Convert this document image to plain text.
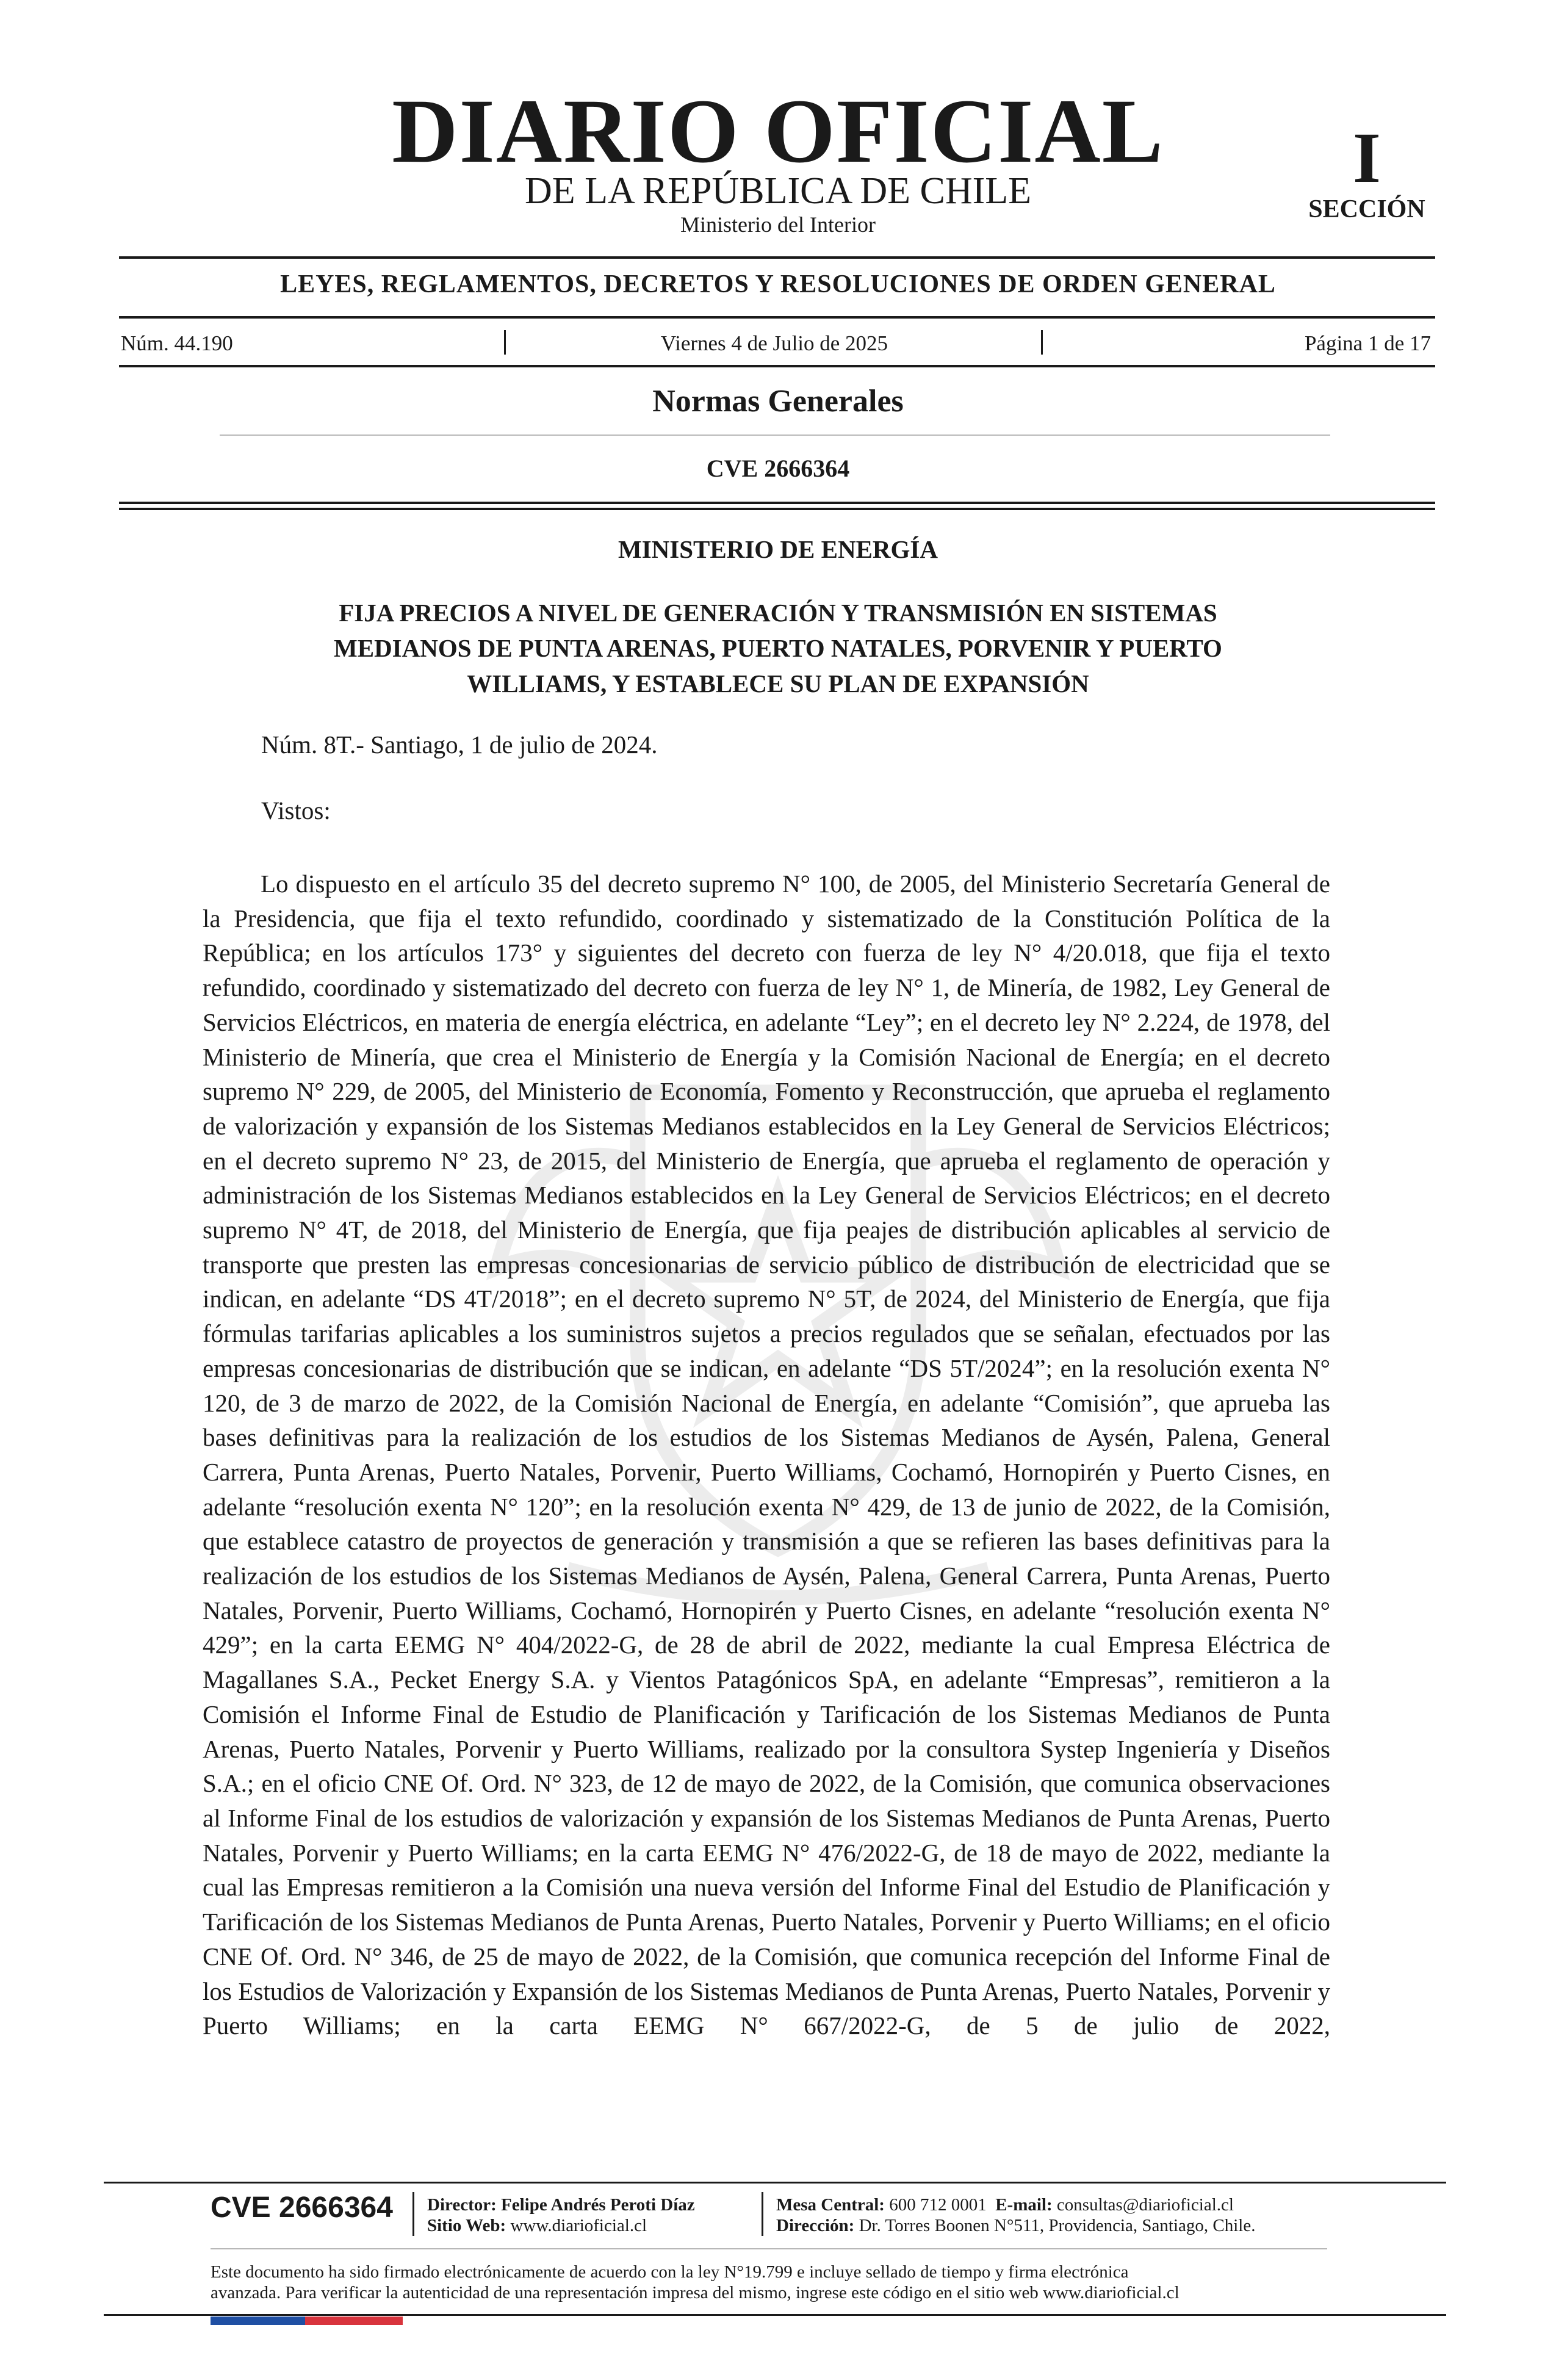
DIARIO OFICIAL
DE LA REPÚBLICA DE CHILE
Ministerio del Interior
I
SECCIÓN
LEYES, REGLAMENTOS, DECRETOS Y RESOLUCIONES DE ORDEN GENERAL
Núm. 44.190	Viernes 4 de Julio de 2025	Página 1 de 17
Normas Generales
CVE 2666364
MINISTERIO DE ENERGÍA
FIJA PRECIOS A NIVEL DE GENERACIÓN Y TRANSMISIÓN EN SISTEMAS
MEDIANOS DE PUNTA ARENAS, PUERTO NATALES, PORVENIR Y PUERTO
WILLIAMS, Y ESTABLECE SU PLAN DE EXPANSIÓN
Núm. 8T.- Santiago, 1 de julio de 2024.
Vistos:
Lo dispuesto en el artículo 35 del decreto supremo N° 100, de 2005, del Ministerio Secretaría General de la Presidencia, que fija el texto refundido, coordinado y sistematizado de la Constitución Política de la República; en los artículos 173° y siguientes del decreto con fuerza de ley N° 4/20.018, que fija el texto refundido, coordinado y sistematizado del decreto con fuerza de ley N° 1, de Minería, de 1982, Ley General de Servicios Eléctricos, en materia de energía eléctrica, en adelante “Ley”; en el decreto ley N° 2.224, de 1978, del Ministerio de Minería, que crea el Ministerio de Energía y la Comisión Nacional de Energía; en el decreto supremo N° 229, de 2005, del Ministerio de Economía, Fomento y Reconstrucción, que aprueba el reglamento de valorización y expansión de los Sistemas Medianos establecidos en la Ley General de Servicios Eléctricos; en el decreto supremo N° 23, de 2015, del Ministerio de Energía, que aprueba el reglamento de operación y administración de los Sistemas Medianos establecidos en la Ley General de Servicios Eléctricos; en el decreto supremo N° 4T, de 2018, del Ministerio de Energía, que fija peajes de distribución aplicables al servicio de transporte que presten las empresas concesionarias de servicio público de distribución de electricidad que se indican, en adelante “DS 4T/2018”; en el decreto supremo N° 5T, de 2024, del Ministerio de Energía, que fija fórmulas tarifarias aplicables a los suministros sujetos a precios regulados que se señalan, efectuados por las empresas concesionarias de distribución que se indican, en adelante “DS 5T/2024”; en la resolución exenta N° 120, de 3 de marzo de 2022, de la Comisión Nacional de Energía, en adelante “Comisión”, que aprueba las bases definitivas para la realización de los estudios de los Sistemas Medianos de Aysén, Palena, General Carrera, Punta Arenas, Puerto Natales, Porvenir, Puerto Williams, Cochamó, Hornopirén y Puerto Cisnes, en adelante “resolución exenta N° 120”; en la resolución exenta N° 429, de 13 de junio de 2022, de la Comisión, que establece catastro de proyectos de generación y transmisión a que se refieren las bases definitivas para la realización de los estudios de los Sistemas Medianos de Aysén, Palena, General Carrera, Punta Arenas, Puerto Natales, Porvenir, Puerto Williams, Cochamó, Hornopirén y Puerto Cisnes, en adelante “resolución exenta N° 429”; en la carta EEMG N° 404/2022-G, de 28 de abril de 2022, mediante la cual Empresa Eléctrica de Magallanes S.A., Pecket Energy S.A. y Vientos Patagónicos SpA, en adelante “Empresas”, remitieron a la Comisión el Informe Final de Estudio de Planificación y Tarificación de los Sistemas Medianos de Punta Arenas, Puerto Natales, Porvenir y Puerto Williams, realizado por la consultora Systep Ingeniería y Diseños S.A.; en el oficio CNE Of. Ord. N° 323, de 12 de mayo de 2022, de la Comisión, que comunica observaciones al Informe Final de los estudios de valorización y expansión de los Sistemas Medianos de Punta Arenas, Puerto Natales, Porvenir y Puerto Williams; en la carta EEMG N° 476/2022-G, de 18 de mayo de 2022, mediante la cual las Empresas remitieron a la Comisión una nueva versión del Informe Final del Estudio de Planificación y Tarificación de los Sistemas Medianos de Punta Arenas, Puerto Natales, Porvenir y Puerto Williams; en el oficio CNE Of. Ord. N° 346, de 25 de mayo de 2022, de la Comisión, que comunica recepción del Informe Final de los Estudios de Valorización y Expansión de los Sistemas Medianos de Punta Arenas, Puerto Natales, Porvenir y Puerto Williams; en la carta EEMG N° 667/2022-G, de 5 de julio de 2022,
CVE 2666364 Director: Felipe Andrés Peroti Díaz
Sitio Web: www.diarioficial.cl
Mesa Central: 600 712 0001 E-mail: consultas@diarioficial.cl
Dirección: Dr. Torres Boonen N°511, Providencia, Santiago, Chile.
Este documento ha sido firmado electrónicamente de acuerdo con la ley N°19.799 e incluye sellado de tiempo y firma electrónica
avanzada. Para verificar la autenticidad de una representación impresa del mismo, ingrese este código en el sitio web www.diarioficial.cl
